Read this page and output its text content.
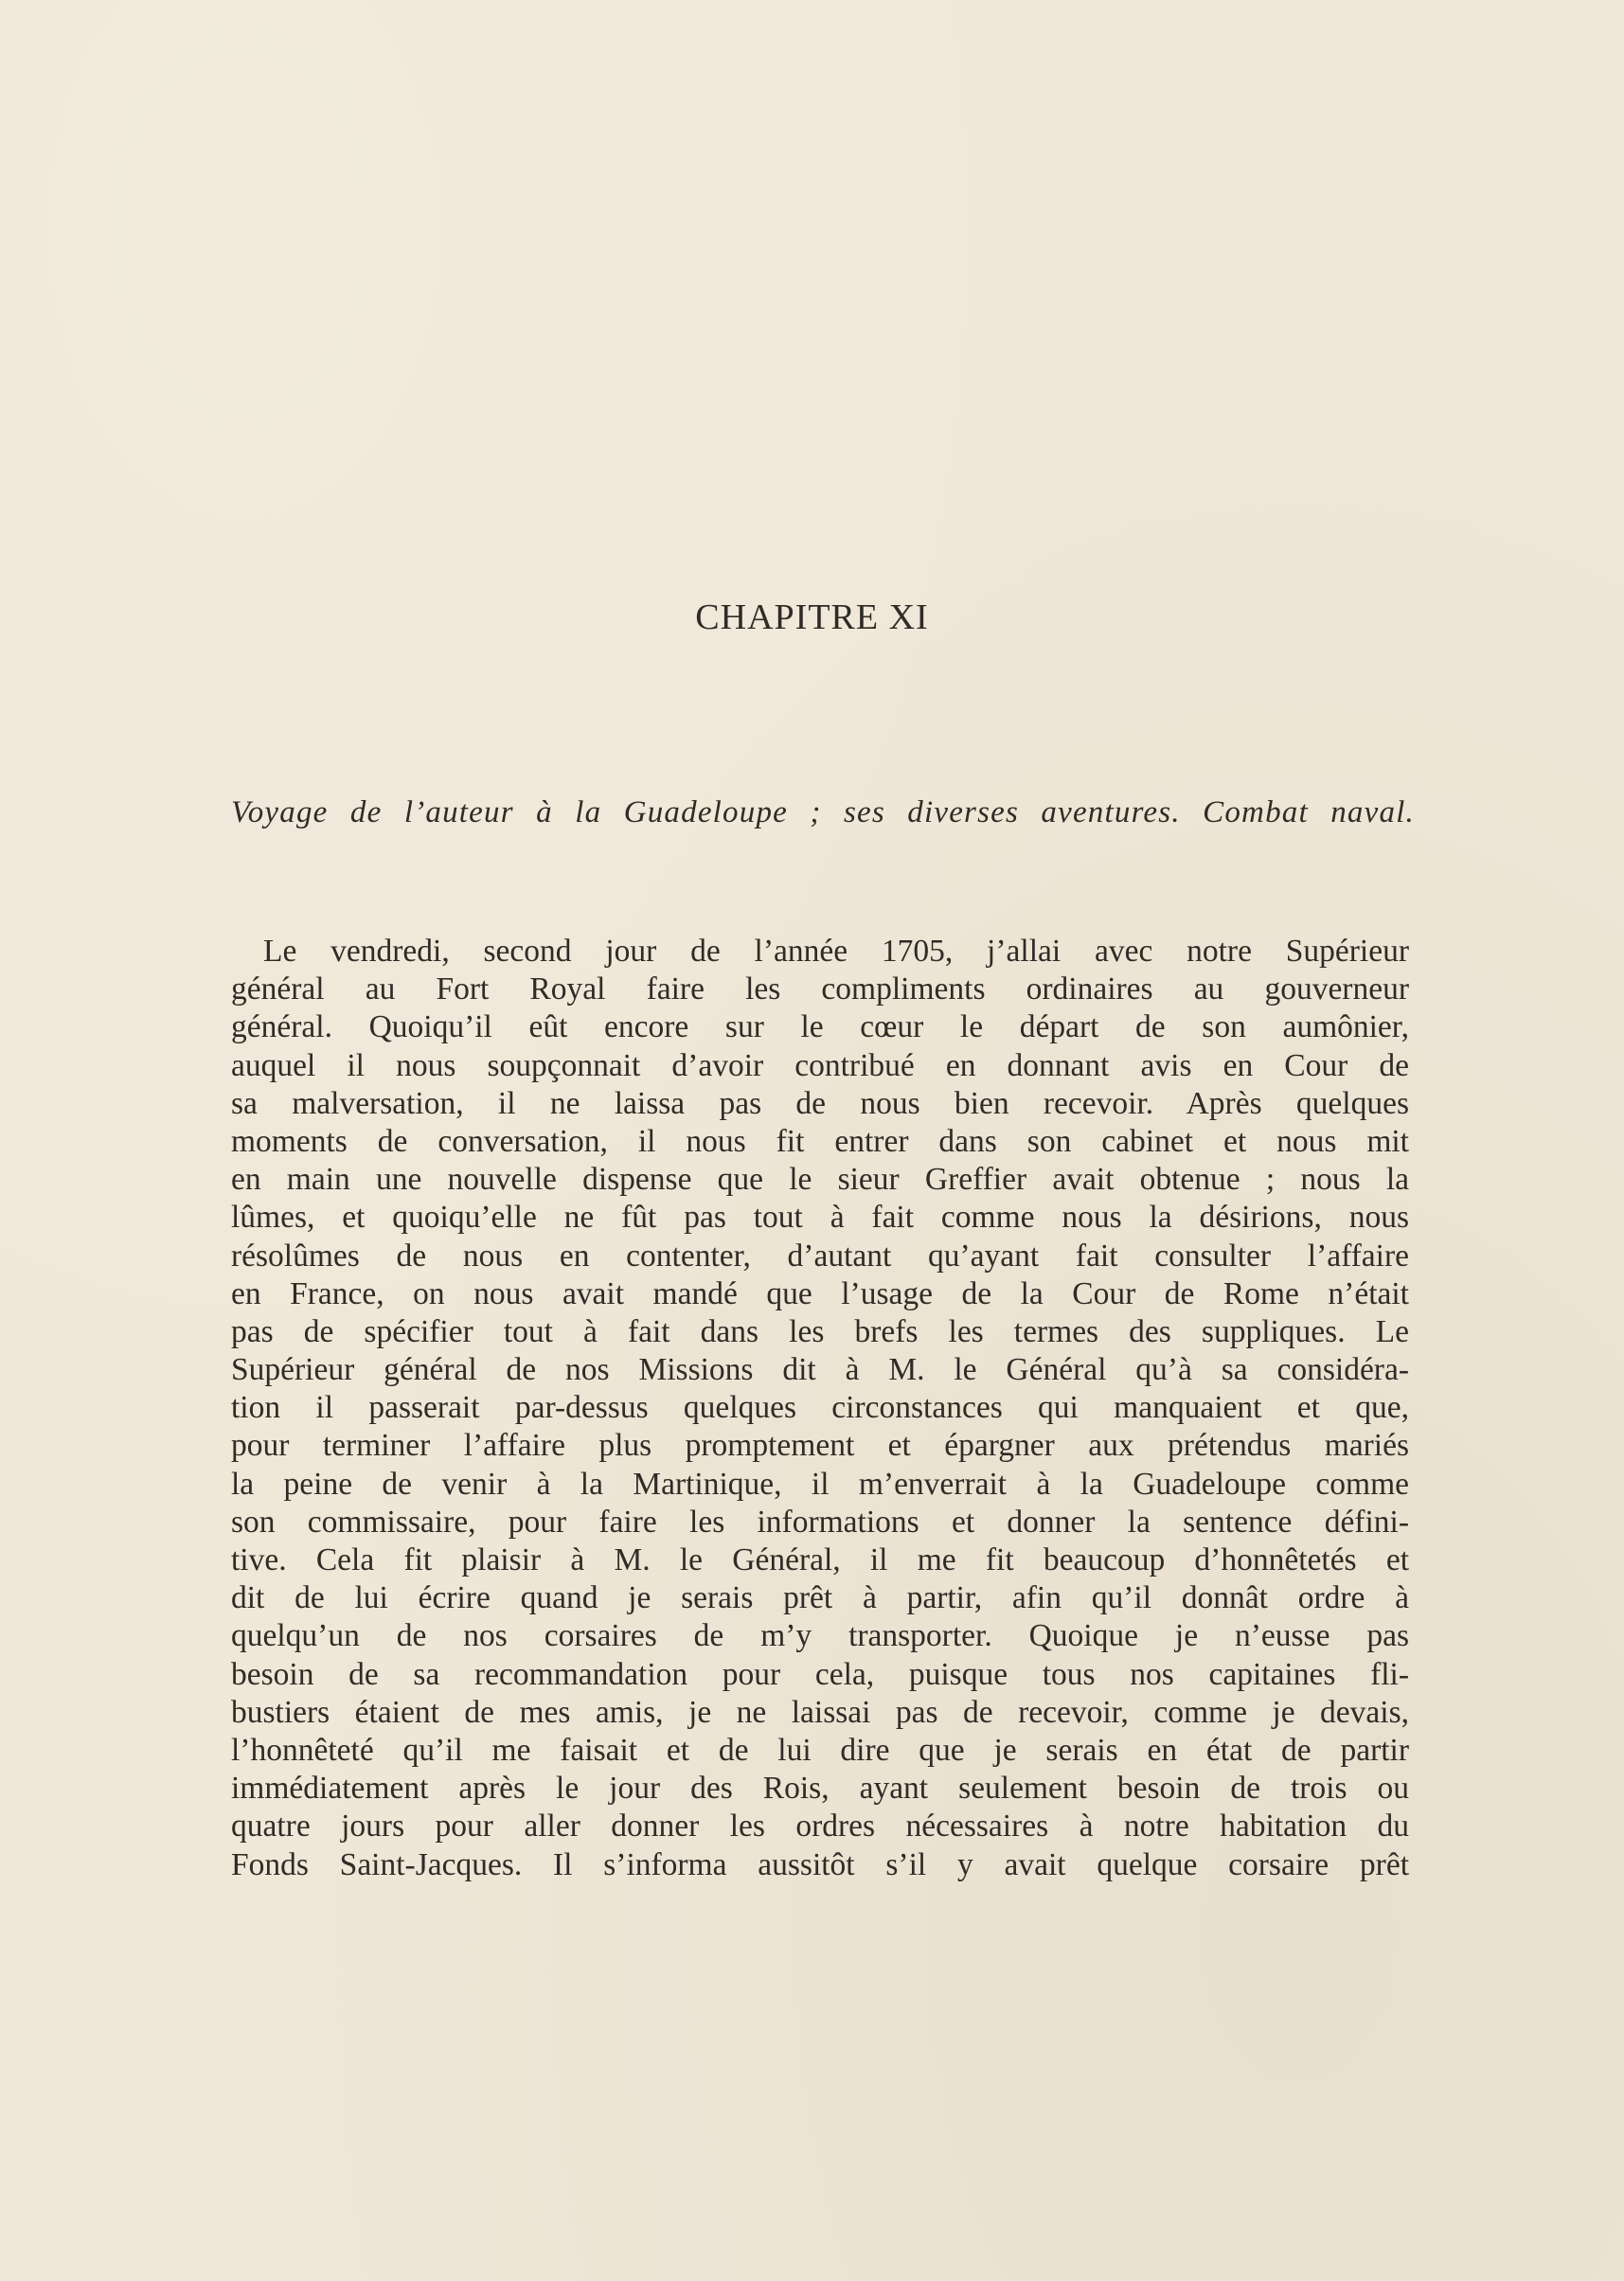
CHAPITRE XI
Voyage de l’auteur à la Guadeloupe ; ses diverses aventures. Combat naval.
Le vendredi, second jour de l’année 1705, j’allai avec notre Supérieur
général au Fort Royal faire les compliments ordinaires au gouverneur
général. Quoiqu’il eût encore sur le cœur le départ de son aumônier,
auquel il nous soupçonnait d’avoir contribué en donnant avis en Cour de
sa malversation, il ne laissa pas de nous bien recevoir. Après quelques
moments de conversation, il nous fit entrer dans son cabinet et nous mit
en main une nouvelle dispense que le sieur Greffier avait obtenue ; nous la
lûmes, et quoiqu’elle ne fût pas tout à fait comme nous la désirions, nous
résolûmes de nous en contenter, d’autant qu’ayant fait consulter l’affaire
en France, on nous avait mandé que l’usage de la Cour de Rome n’était
pas de spécifier tout à fait dans les brefs les termes des suppliques. Le
Supérieur général de nos Missions dit à M. le Général qu’à sa considéra-
tion il passerait par-dessus quelques circonstances qui manquaient et que,
pour terminer l’affaire plus promptement et épargner aux prétendus mariés
la peine de venir à la Martinique, il m’enverrait à la Guadeloupe comme
son commissaire, pour faire les informations et donner la sentence défini-
tive. Cela fit plaisir à M. le Général, il me fit beaucoup d’honnêtetés et
dit de lui écrire quand je serais prêt à partir, afin qu’il donnât ordre à
quelqu’un de nos corsaires de m’y transporter. Quoique je n’eusse pas
besoin de sa recommandation pour cela, puisque tous nos capitaines fli-
bustiers étaient de mes amis, je ne laissai pas de recevoir, comme je devais,
l’honnêteté qu’il me faisait et de lui dire que je serais en état de partir
immédiatement après le jour des Rois, ayant seulement besoin de trois ou
quatre jours pour aller donner les ordres nécessaires à notre habitation du
Fonds Saint-Jacques. Il s’informa aussitôt s’il y avait quelque corsaire prêt
